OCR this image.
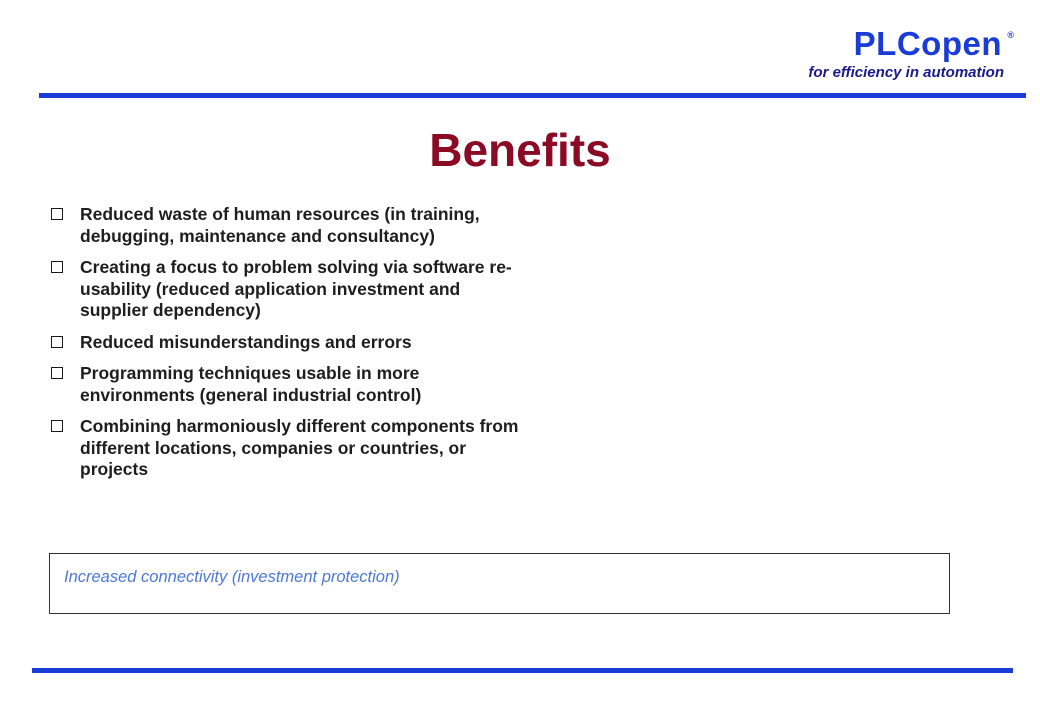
PLCopen ®
for efficiency in automation
Benefits
Reduced waste of human resources (in training, debugging, maintenance and consultancy)
Creating a focus to problem solving via software re-usability (reduced application investment and supplier dependency)
Reduced misunderstandings and errors
Programming techniques usable in more environments (general industrial control)
Combining harmoniously different components from different locations, companies or countries, or projects
Increased connectivity (investment protection)
